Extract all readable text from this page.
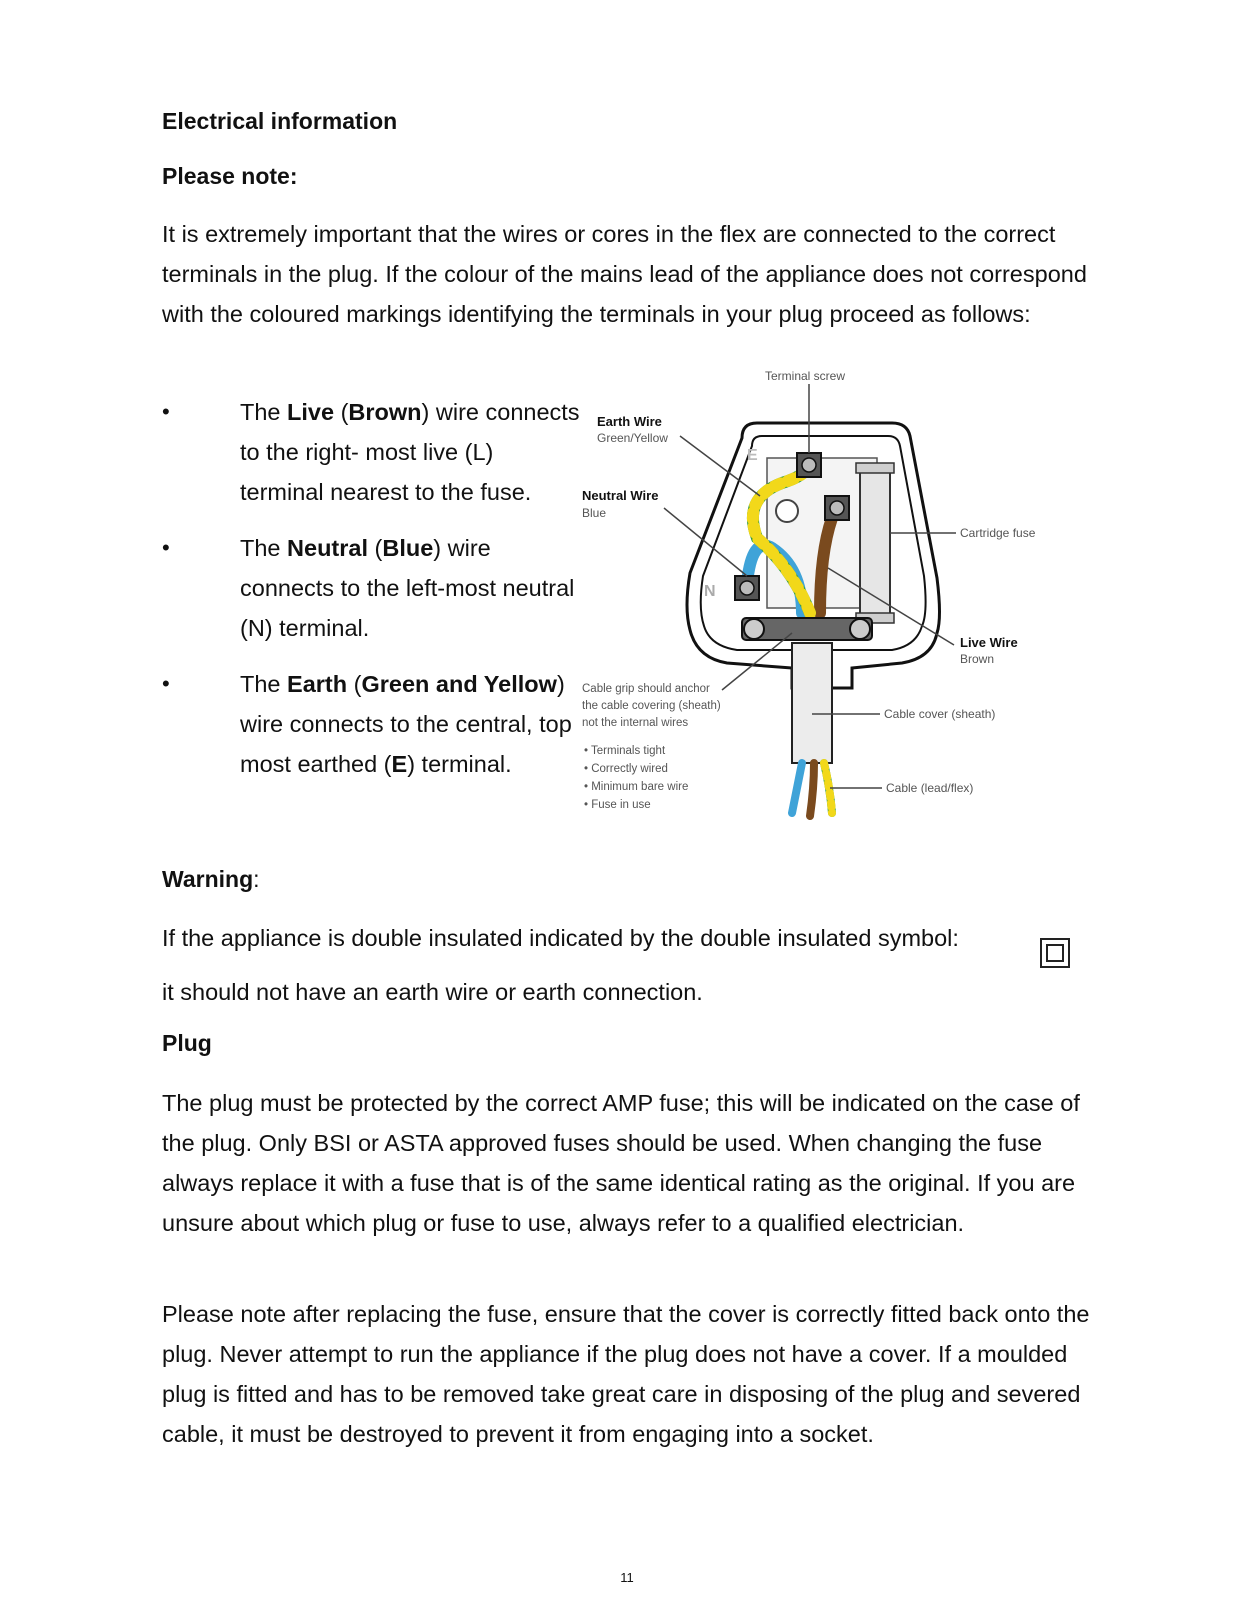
Electrical information
Please note:

It is extremely important that the wires or cores in the flex are connected to the correct terminals in the plug. If the colour of the mains lead of the appliance does not correspond with the coloured markings identifying the terminals in your plug proceed as follows:

•	The Live (Brown) wire connects to the right- most live (L) terminal nearest to the fuse.
•	The Neutral (Blue) wire connects to the left-most neutral (N) terminal.
•	The Earth (Green and Yellow) wire connects to the central, top most earthed (E) terminal.
E
N
Terminal screw
Earth Wire
Green/Yellow
Neutral Wire
Blue
Cartridge fuse
Live Wire
Brown
Cable grip should anchor
the cable covering (sheath)
not the internal wires
Cable cover (sheath)
Cable (lead/flex)
• Terminals tight
• Correctly wired
• Minimum bare wire
• Fuse in use
Warning:

If the appliance is double insulated indicated by the double insulated symbol:

it should not have an earth wire or earth connection.

Plug

The plug must be protected by the correct AMP fuse; this will be indicated on the case of the plug. Only BSI or ASTA approved fuses should be used. When changing the fuse always replace it with a fuse that is of the same identical rating as the original. If you are unsure about which plug or fuse to use, always refer to a qualified electrician.

Please note after replacing the fuse, ensure that the cover is correctly fitted back onto the plug. Never attempt to run the appliance if the plug does not have a cover. If a moulded plug is fitted and has to be removed take great care in disposing of the plug and severed cable, it must be destroyed to prevent it from engaging into a socket.

11
